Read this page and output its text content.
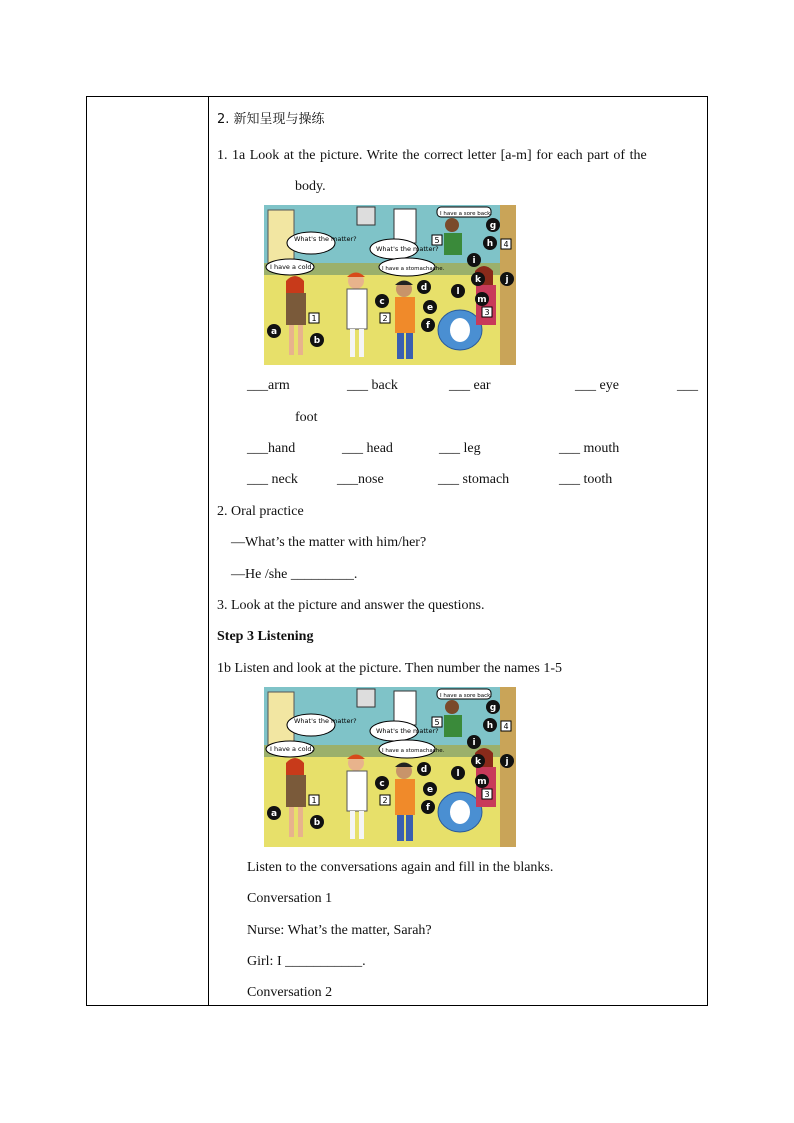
2. 新知呈现与操练
1. 1a Look at the picture. Write the correct letter [a-m] for each part of the
body.
What's the matter?
What's the matter?
I have a cold.	I have a stomachache.
I have a sore back.
a
b
c
d
e
f
g
h
i
j
k
l
m
1	2
3
4
5
___arm	___ back	___ ear	___ eye	___
foot
___hand	___ head	___ leg	___ mouth
___ neck	___nose	___ stomach	___ tooth
2. Oral practice
—What’s the matter with him/her?
—He /she _________.
3. Look at the picture and answer the questions.
Step 3 Listening
1b Listen and look at the picture. Then number the names 1-5
What's the matter?
What's the matter?
I have a cold.	I have a stomachache.
I have a sore back.
a
b
c
d
e
f
g
h
i
j
k
l
m
1	2
3
4
5
Listen to the conversations again and fill in the blanks.
Conversation 1
Nurse: What’s the matter, Sarah?
Girl: I ___________.
Conversation 2
